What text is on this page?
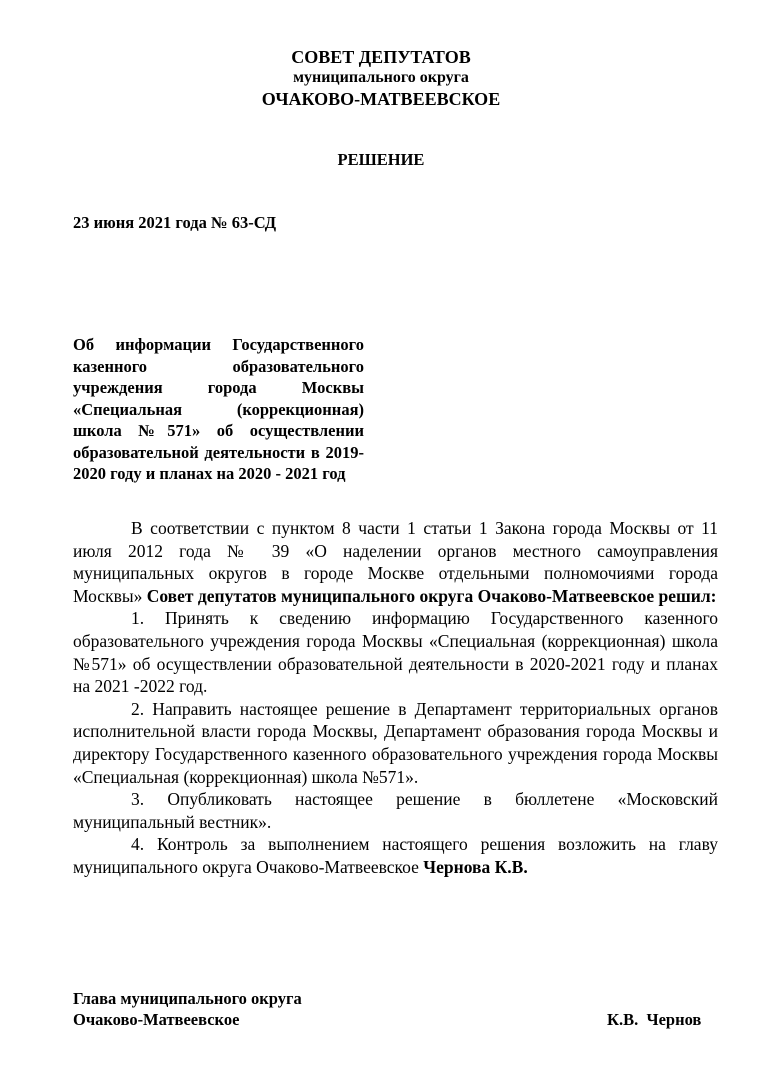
СОВЕТ ДЕПУТАТОВ
муниципального округа
ОЧАКОВО-МАТВЕЕВСКОЕ
РЕШЕНИЕ
23 июня 2021 года № 63-СД
Об информации Государственного казенного образовательного учреждения города Москвы «Специальная (коррекционная) школа №571» об осуществлении образовательной деятельности в 2019-2020 году и планах на 2020 - 2021 год

В соответствии с пунктом 8 части 1 статьи 1 Закона города Москвы от 11 июля 2012 года № 39 «О наделении органов местного самоуправления муниципальных округов в городе Москве отдельными полномочиями города Москвы» Совет депутатов муниципального округа Очаково-Матвеевское решил:

1. Принять к сведению информацию Государственного казенного образовательного учреждения города Москвы «Специальная (коррекционная) школа №571» об осуществлении образовательной деятельности в 2020-2021 году и планах на 2021 -2022 год.

2. Направить настоящее решение в Департамент территориальных органов исполнительной власти города Москвы, Департамент образования города Москвы и директору Государственного казенного образовательного учреждения города Москвы «Специальная (коррекционная) школа №571».

3. Опубликовать настоящее решение в бюллетене «Московский муниципальный вестник».

4. Контроль за выполнением настоящего решения возложить на главу муниципального округа Очаково-Матвеевское Чернова К.В.

Глава муниципального округа
Очаково-Матвеевское	К.В.  Чернов
